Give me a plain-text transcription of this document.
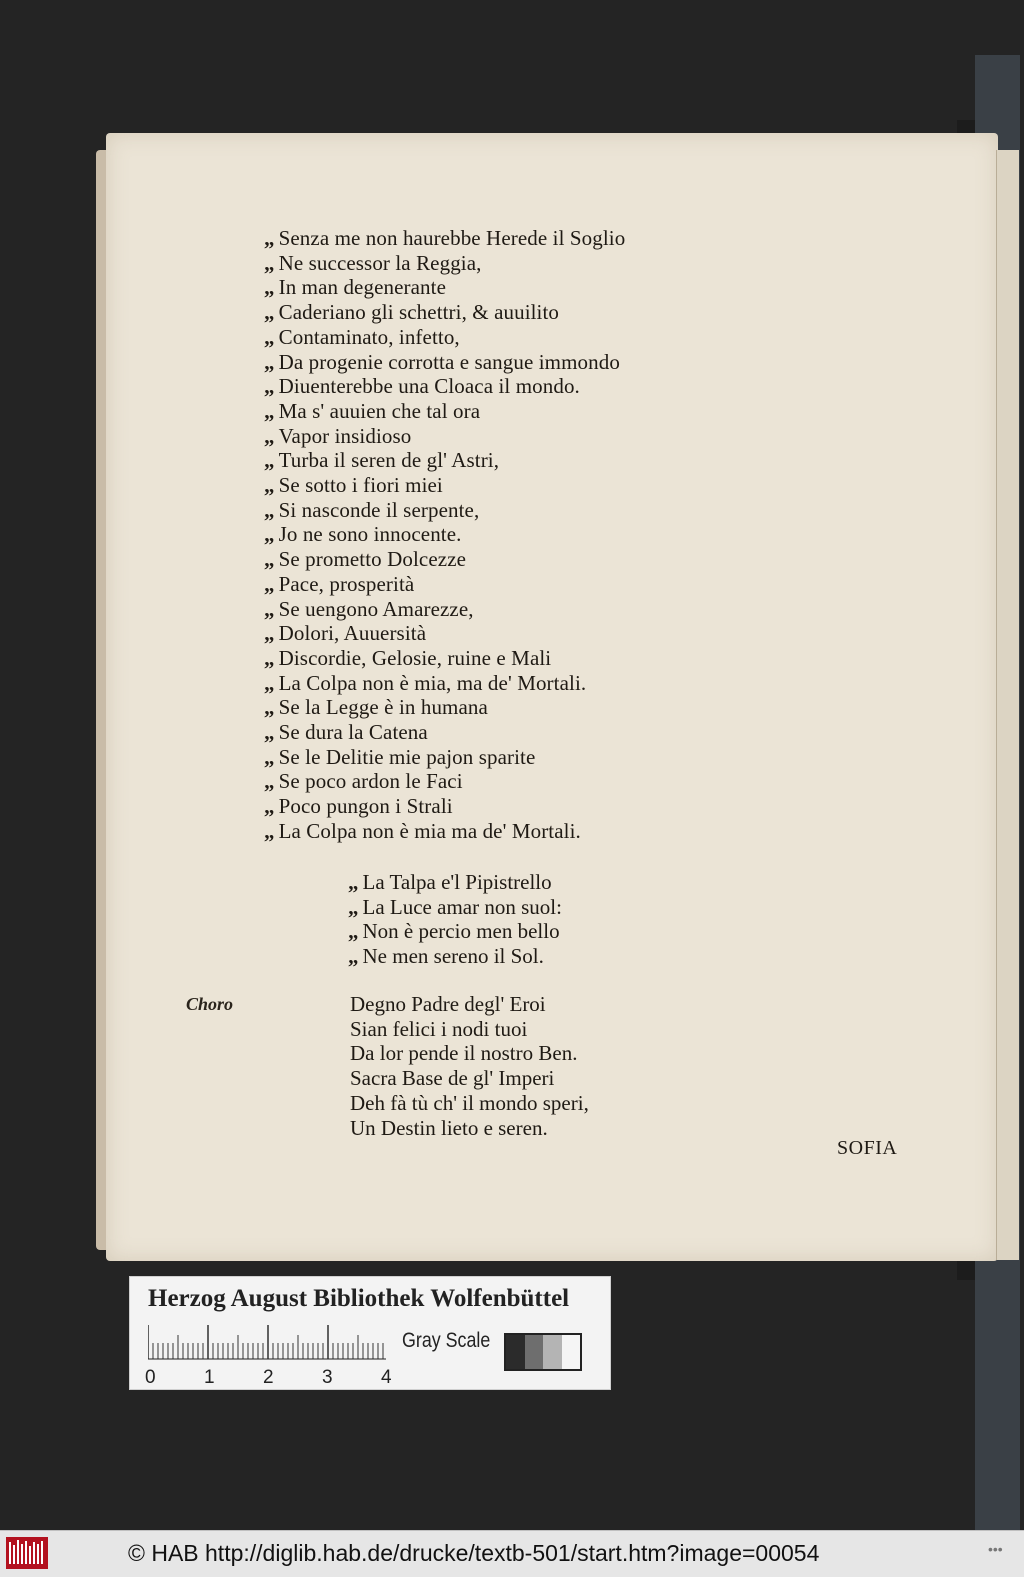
„ Senza me non haurebbe Herede il Soglio
„ Ne successor la Reggia,
„ In man degenerante
„ Caderiano gli schettri, & auuilito
„ Contaminato, infetto,
„ Da progenie corrotta e sangue immondo
„ Diuenterebbe una Cloaca il mondo.
„ Ma s' auuien che tal ora
„ Vapor insidioso
„ Turba il seren de gl' Astri,
„ Se sotto i fiori miei
„ Si nasconde il serpente,
„ Jo ne sono innocente.
„ Se prometto Dolcezze
„ Pace, prosperità
„ Se uengono Amarezze,
„ Dolori, Auuersità
„ Discordie, Gelosie, ruine e Mali
„ La Colpa non è mia, ma de' Mortali.
„ Se la Legge è in humana
„ Se dura la Catena
„ Se le Delitie mie pajon sparite
„ Se poco ardon le Faci
„ Poco pungon i Strali
„ La Colpa non è mia ma de' Mortali.
„ La Talpa e'l Pipistrello
„ La Luce amar non suol:
„ Non è percio men bello
„ Ne men sereno il Sol.
Choro	Degno Padre degl' Eroi
Sian felici i nodi tuoi
Da lor pende il nostro Ben.
Sacra Base de gl' Imperi
Deh fà tù ch' il mondo speri,
Un Destin lieto e seren.
SOFIA
Herzog August Bibliothek Wolfenbüttel
0	1	2	3	4
Gray Scale
© HAB http://diglib.hab.de/drucke/textb-501/start.htm?image=00054	•••
